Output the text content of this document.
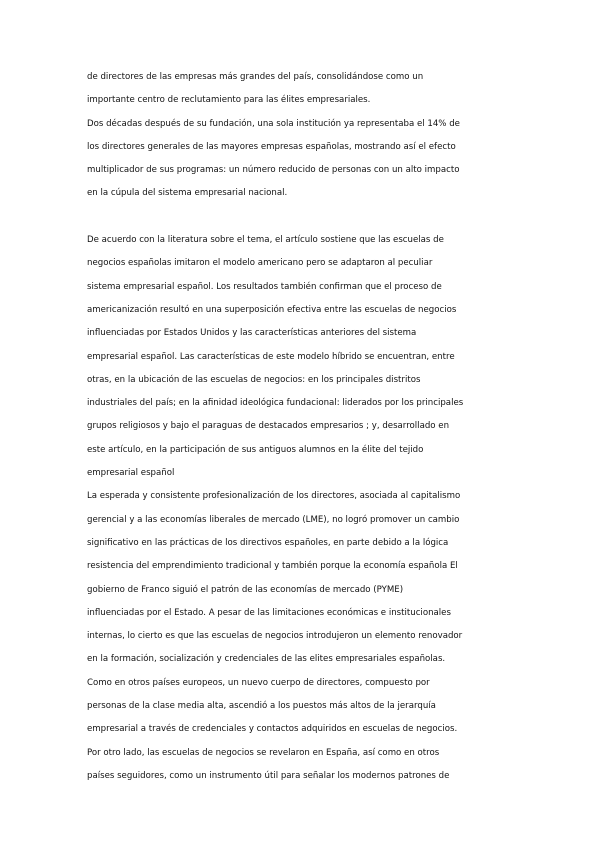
de directores de las empresas más grandes del país, consolidándose como un
importante centro de reclutamiento para las élites empresariales.
Dos décadas después de su fundación, una sola institución ya representaba el 14% de
los directores generales de las mayores empresas españolas, mostrando así el efecto
multiplicador de sus programas: un número reducido de personas con un alto impacto
en la cúpula del sistema empresarial nacional.
De acuerdo con la literatura sobre el tema, el artículo sostiene que las escuelas de
negocios españolas imitaron el modelo americano pero se adaptaron al peculiar
sistema empresarial español. Los resultados también confirman que el proceso de
americanización resultó en una superposición efectiva entre las escuelas de negocios
influenciadas por Estados Unidos y las características anteriores del sistema
empresarial español. Las características de este modelo híbrido se encuentran, entre
otras, en la ubicación de las escuelas de negocios: en los principales distritos
industriales del país; en la afinidad ideológica fundacional: liderados por los principales
grupos religiosos y bajo el paraguas de destacados empresarios ; y, desarrollado en
este artículo, en la participación de sus antiguos alumnos en la élite del tejido
empresarial español
La esperada y consistente profesionalización de los directores, asociada al capitalismo
gerencial y a las economías liberales de mercado (LME), no logró promover un cambio
significativo en las prácticas de los directivos españoles, en parte debido a la lógica
resistencia del emprendimiento tradicional y también porque la economía española El
gobierno de Franco siguió el patrón de las economías de mercado (PYME)
influenciadas por el Estado. A pesar de las limitaciones económicas e institucionales
internas, lo cierto es que las escuelas de negocios introdujeron un elemento renovador
en la formación, socialización y credenciales de las elites empresariales españolas.
Como en otros países europeos, un nuevo cuerpo de directores, compuesto por
personas de la clase media alta, ascendió a los puestos más altos de la jerarquía
empresarial a través de credenciales y contactos adquiridos en escuelas de negocios.
Por otro lado, las escuelas de negocios se revelaron en España, así como en otros
países seguidores, como un instrumento útil para señalar los modernos patrones de
